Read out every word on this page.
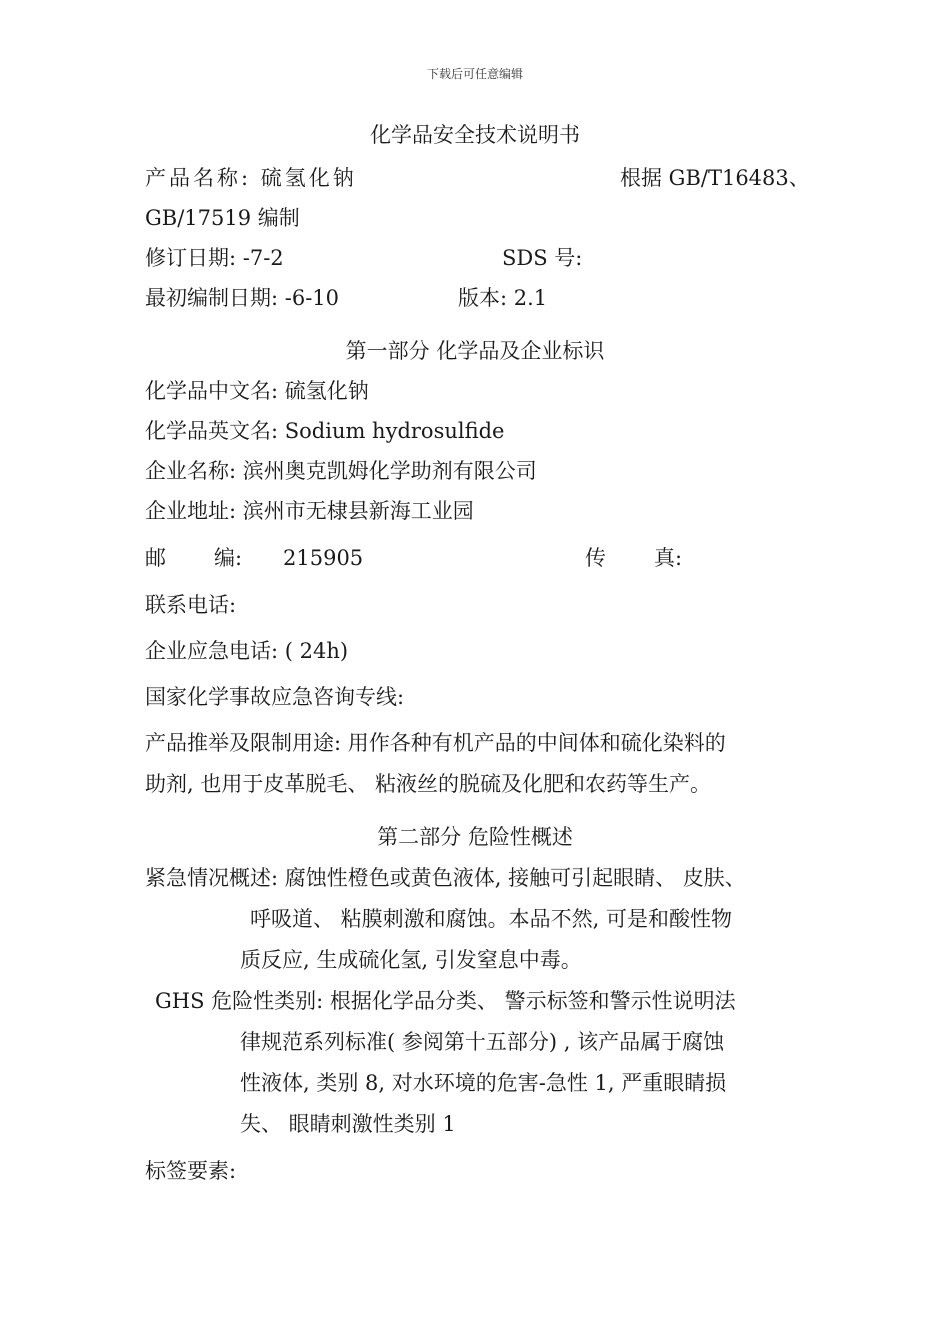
下载后可任意编辑
化学品安全技术说明书
产品名称: 硫氢化钠	根据 GB/T16483、
GB/17519 编制
修订日期: -7-2	SDS 号:
最初编制日期: -6-10	版本: 2.1
第一部分 化学品及企业标识
化学品中文名: 硫氢化钠
化学品英文名: Sodium hydrosulfide
企业名称: 滨州奥克凯姆化学助剂有限公司
企业地址: 滨州市无棣县新海工业园
邮 编: 215905	传 真:
联系电话:
企业应急电话: ( 24h)
国家化学事故应急咨询专线:
产品推举及限制用途: 用作各种有机产品的中间体和硫化染料的
助剂, 也用于皮革脱毛、 粘液丝的脱硫及化肥和农药等生产。
第二部分 危险性概述
紧急情况概述: 腐蚀性橙色或黄色液体, 接触可引起眼睛、 皮肤、
呼吸道、 粘膜刺激和腐蚀。本品不然, 可是和酸性物
质反应, 生成硫化氢, 引发窒息中毒。
GHS 危险性类别: 根据化学品分类、 警示标签和警示性说明法
律规范系列标准( 参阅第十五部分) , 该产品属于腐蚀
性液体, 类别 8, 对水环境的危害-急性 1, 严重眼睛损
失、 眼睛刺激性类别 1
标签要素:
